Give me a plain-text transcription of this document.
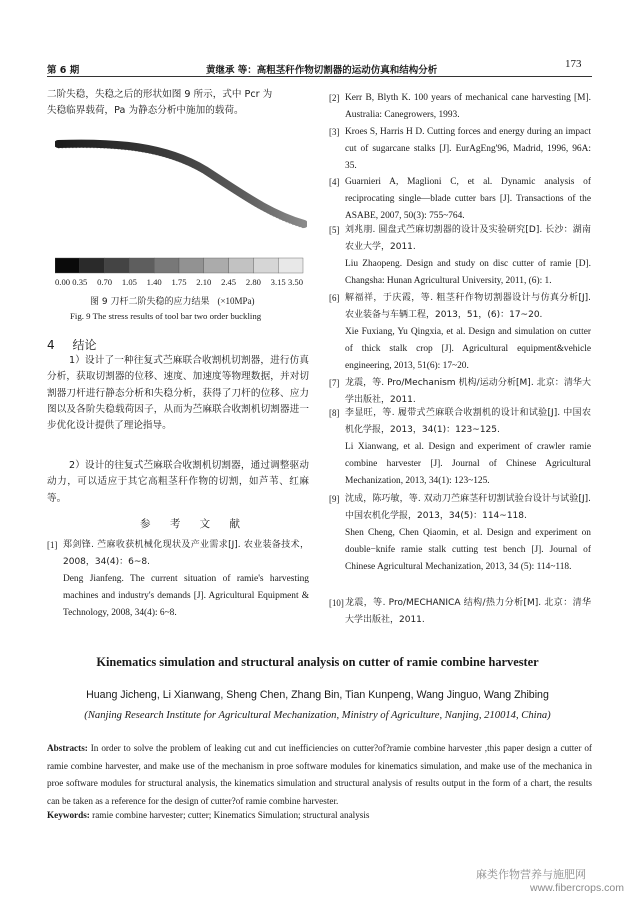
第 6 期	黄继承 等：高粗茎秆作物切割器的运动仿真和结构分析
173
二阶失稳，失稳之后的形状如图 9 所示，式中 Pcr 为
失稳临界载荷，Pa 为静态分析中施加的载荷。
0.00 0.35 0.70 1.05 1.40 1.75 2.10 2.45 2.80 3.15 3.50
图 9 刀杆二阶失稳的应力结果 (×10MPa)
Fig. 9 The stress results of tool bar two order buckling
4 结论
1）设计了一种往复式苎麻联合收割机切割器，进行仿真分析，获取切割器的位移、速度、加速度等物理数据，并对切割器刀杆进行静态分析和失稳分析，获得了刀杆的位移、应力图以及各阶失稳载荷因子，从而为苎麻联合收割机切割器进一步优化设计提供了理论指导。
2）设计的往复式苎麻联合收割机切割器，通过调整驱动动力，可以适应于其它高粗茎秆作物的切割，如芦苇、红麻等。
参 考 文 献
[1] 郑剑锋. 苎麻收获机械化现状及产业需求[J]. 农业装备技术，2008，34(4)：6~8.
Deng Jianfeng. The current situation of ramie's harvesting machines and industry's demands [J]. Agricultural Equipment & Technology, 2008, 34(4): 6~8.
[2] Kerr B, Blyth K. 100 years of mechanical cane harvesting [M]. Australia: Canegrowers, 1993.
[3] Kroes S, Harris H D. Cutting forces and energy during an impact cut of sugarcane stalks [J]. EurAgEng'96, Madrid, 1996, 96A: 35.
[4] Guarnieri A, Maglioni C, et al. Dynamic analysis of reciprocating single—blade cutter bars [J]. Transactions of the ASABE, 2007, 50(3): 755~764.
[5] 刘兆朋. 圆盘式苎麻切割器的设计及实验研究[D]. 长沙：湖南农业大学，2011.
Liu Zhaopeng. Design and study on disc cutter of ramie [D]. Changsha: Hunan Agricultural University, 2011, (6): 1.
[6] 解福祥，于庆霞，等. 粗茎秆作物切割器设计与仿真分析[J]. 农业装备与车辆工程，2013，51，(6)：17~20.
Xie Fuxiang, Yu Qingxia, et al. Design and simulation on cutter of thick stalk crop [J]. Agricultural equipment&vehicle engineering, 2013, 51(6): 17~20.
[7] 龙震，等. Pro/Mechanism 机构/运动分析[M]. 北京：清华大学出版社，2011.
[8] 李显旺，等. 履带式苎麻联合收割机的设计和试验[J]. 中国农机化学报，2013，34(1)：123~125.
Li Xianwang, et al. Design and experiment of crawler ramie combine harvester [J]. Journal of Chinese Agricultural Mechanization, 2013, 34(1): 123~125.
[9] 沈成，陈巧敏，等. 双动刀苎麻茎秆切割试验台设计与试验[J]. 中国农机化学报，2013，34(5)：114~118.
Shen Cheng, Chen Qiaomin, et al. Design and experiment on double−knife ramie stalk cutting test bench [J]. Journal of Chinese Agricultural Mechanization, 2013, 34 (5): 114~118.
[10] 龙震，等. Pro/MECHANICA 结构/热力分析[M]. 北京：清华大学出版社，2011.
Kinematics simulation and structural analysis on cutter of ramie combine harvester
Huang Jicheng, Li Xianwang, Sheng Chen, Zhang Bin, Tian Kunpeng, Wang Jinguo, Wang Zhibing
(Nanjing Research Institute for Agricultural Mechanization, Ministry of Agriculture, Nanjing, 210014, China)
Abstracts: In order to solve the problem of leaking cut and cut inefficiencies on cutter?of?ramie combine harvester ,this paper design a cutter of ramie combine harvester, and make use of the mechanism in proe software modules for kinematics simulation, and make use of the mechanica in proe software modules for structural analysis, the kinematics simulation and structural analysis of results output in the form of a chart, the results can be taken as a reference for the design of cutter?of ramie combine harvester.
Keywords: ramie combine harvester; cutter; Kinematics Simulation; structural analysis
麻类作物营养与施肥网
www.fibercrops.com
